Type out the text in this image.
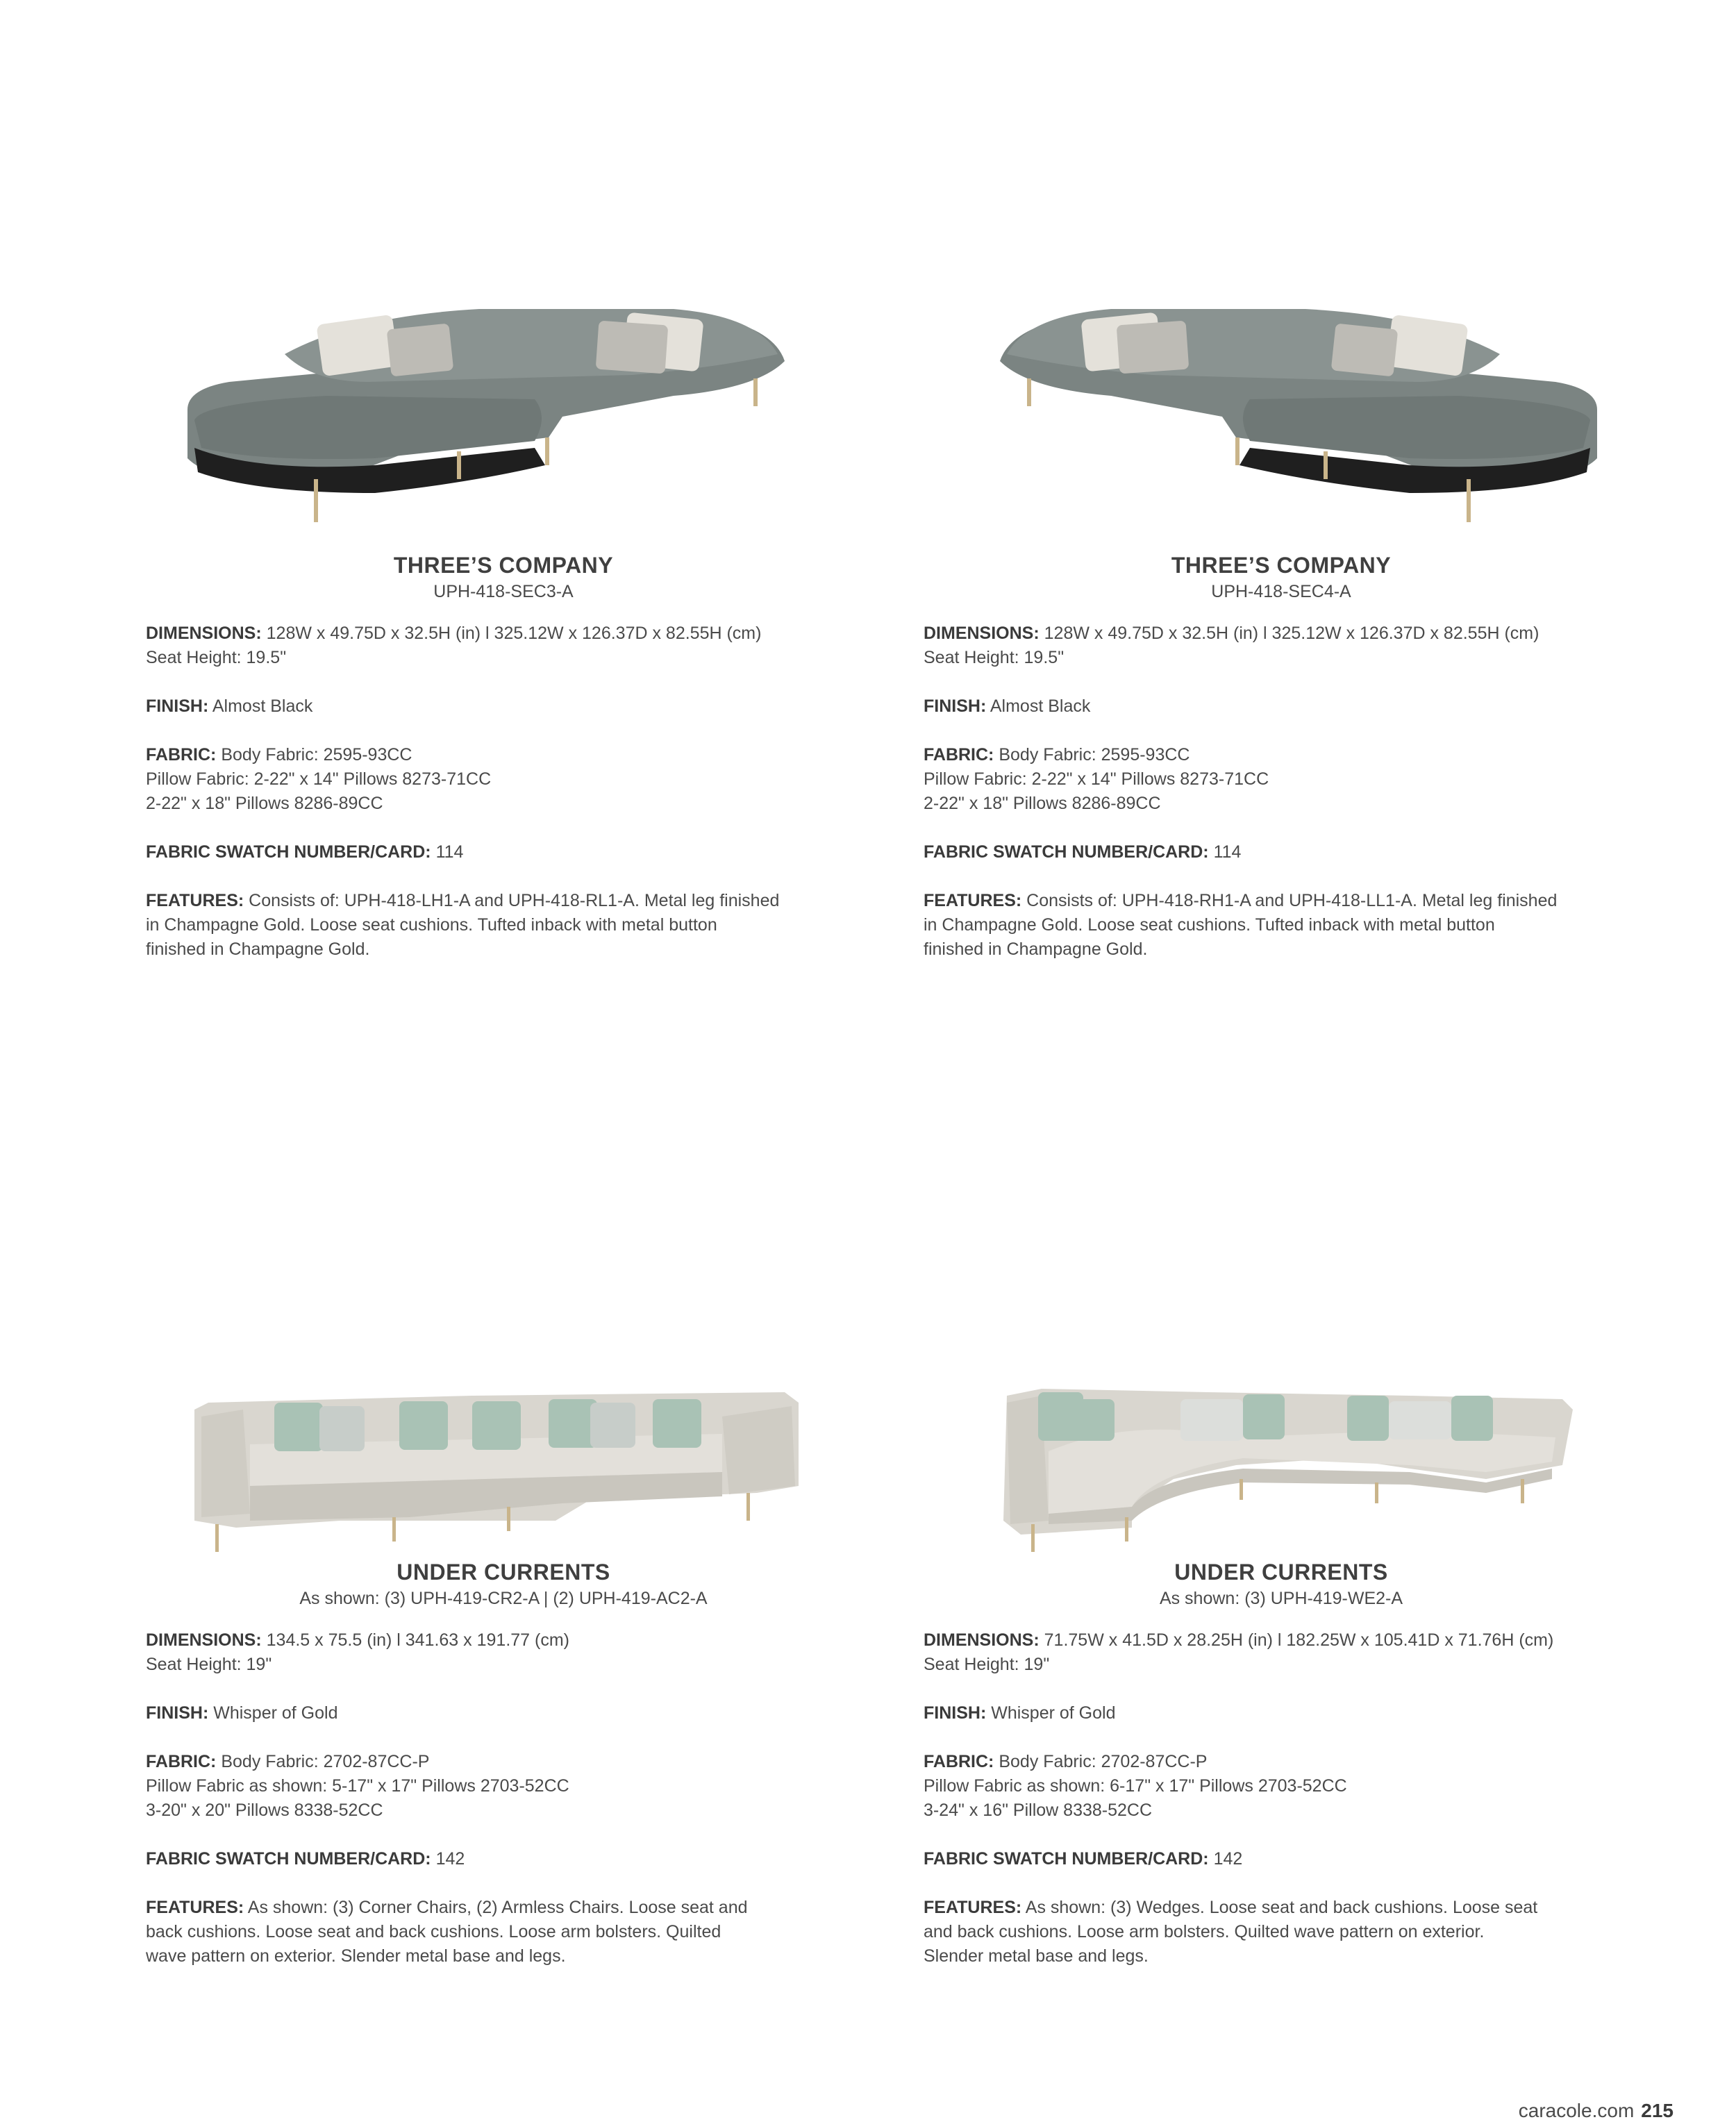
THREE’S COMPANY
UPH-418-SEC3-A

DIMENSIONS: 128W x 49.75D x 32.5H (in) l 325.12W x 126.37D x 82.55H (cm)
Seat Height: 19.5"

FINISH: Almost Black

FABRIC: Body Fabric: 2595-93CC
Pillow Fabric: 2-22" x 14" Pillows 8273-71CC
2-22" x 18" Pillows 8286-89CC

FABRIC SWATCH NUMBER/CARD: 114

FEATURES: Consists of: UPH-418-LH1-A and UPH-418-RL1-A. Metal leg finished
in Champagne Gold. Loose seat cushions. Tufted inback with metal button
finished in Champagne Gold.

THREE’S COMPANY
UPH-418-SEC4-A

DIMENSIONS: 128W x 49.75D x 32.5H (in) l 325.12W x 126.37D x 82.55H (cm)
Seat Height: 19.5"

FINISH: Almost Black

FABRIC: Body Fabric: 2595-93CC
Pillow Fabric: 2-22" x 14" Pillows 8273-71CC
2-22" x 18" Pillows 8286-89CC

FABRIC SWATCH NUMBER/CARD: 114

FEATURES: Consists of: UPH-418-RH1-A and UPH-418-LL1-A. Metal leg finished
in Champagne Gold. Loose seat cushions. Tufted inback with metal button
finished in Champagne Gold.

UNDER CURRENTS
As shown: (3) UPH-419-CR2-A | (2) UPH-419-AC2-A

DIMENSIONS: 134.5 x 75.5 (in) l 341.63 x 191.77 (cm)
Seat Height: 19"

FINISH: Whisper of Gold

FABRIC: Body Fabric: 2702-87CC-P
Pillow Fabric as shown: 5-17" x 17" Pillows 2703-52CC
3-20" x 20" Pillows 8338-52CC

FABRIC SWATCH NUMBER/CARD: 142

FEATURES: As shown: (3) Corner Chairs, (2) Armless Chairs. Loose seat and
back cushions. Loose seat and back cushions. Loose arm bolsters. Quilted
wave pattern on exterior. Slender metal base and legs.

UNDER CURRENTS
As shown: (3) UPH-419-WE2-A

DIMENSIONS: 71.75W x 41.5D x 28.25H (in) l 182.25W x 105.41D x 71.76H (cm)
Seat Height: 19"

FINISH: Whisper of Gold

FABRIC: Body Fabric: 2702-87CC-P
Pillow Fabric as shown: 6-17" x 17" Pillows 2703-52CC
3-24" x 16" Pillow 8338-52CC

FABRIC SWATCH NUMBER/CARD: 142

FEATURES: As shown: (3) Wedges. Loose seat and back cushions. Loose seat
and back cushions. Loose arm bolsters. Quilted wave pattern on exterior.
Slender metal base and legs.

caracole.com 215
